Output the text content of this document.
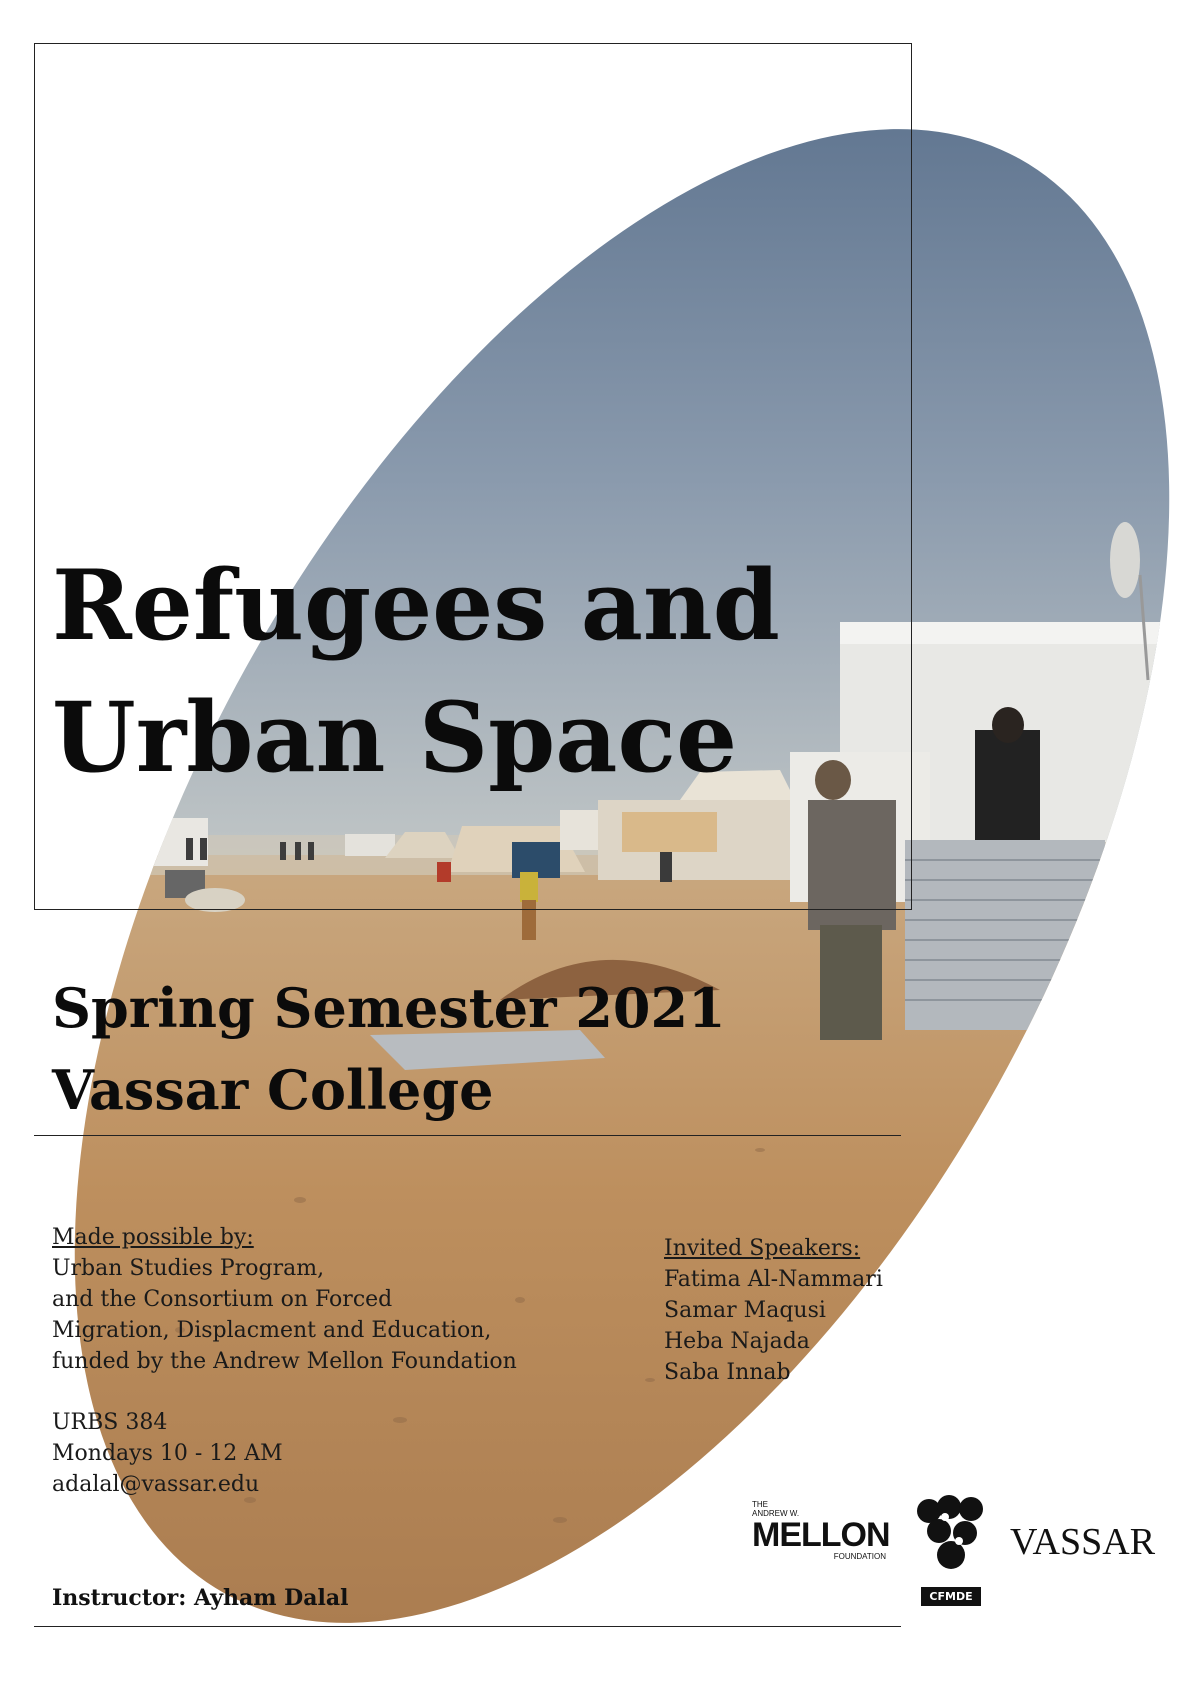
Refugees and
Urban Space
Spring Semester 2021
Vassar College
Made possible by:
Urban Studies Program,
and the Consortium on Forced
Migration, Displacment and Education,
funded by the Andrew Mellon Foundation
URBS 384
Mondays 10 - 12 AM
adalal@vassar.edu
Invited Speakers:
Fatima Al-Nammari
Samar Maqusi
Heba Najada
Saba Innab
Instructor: Ayham Dalal
THE
ANDREW W.
MELLON
FOUNDATION
CFMDE
VASSAR
